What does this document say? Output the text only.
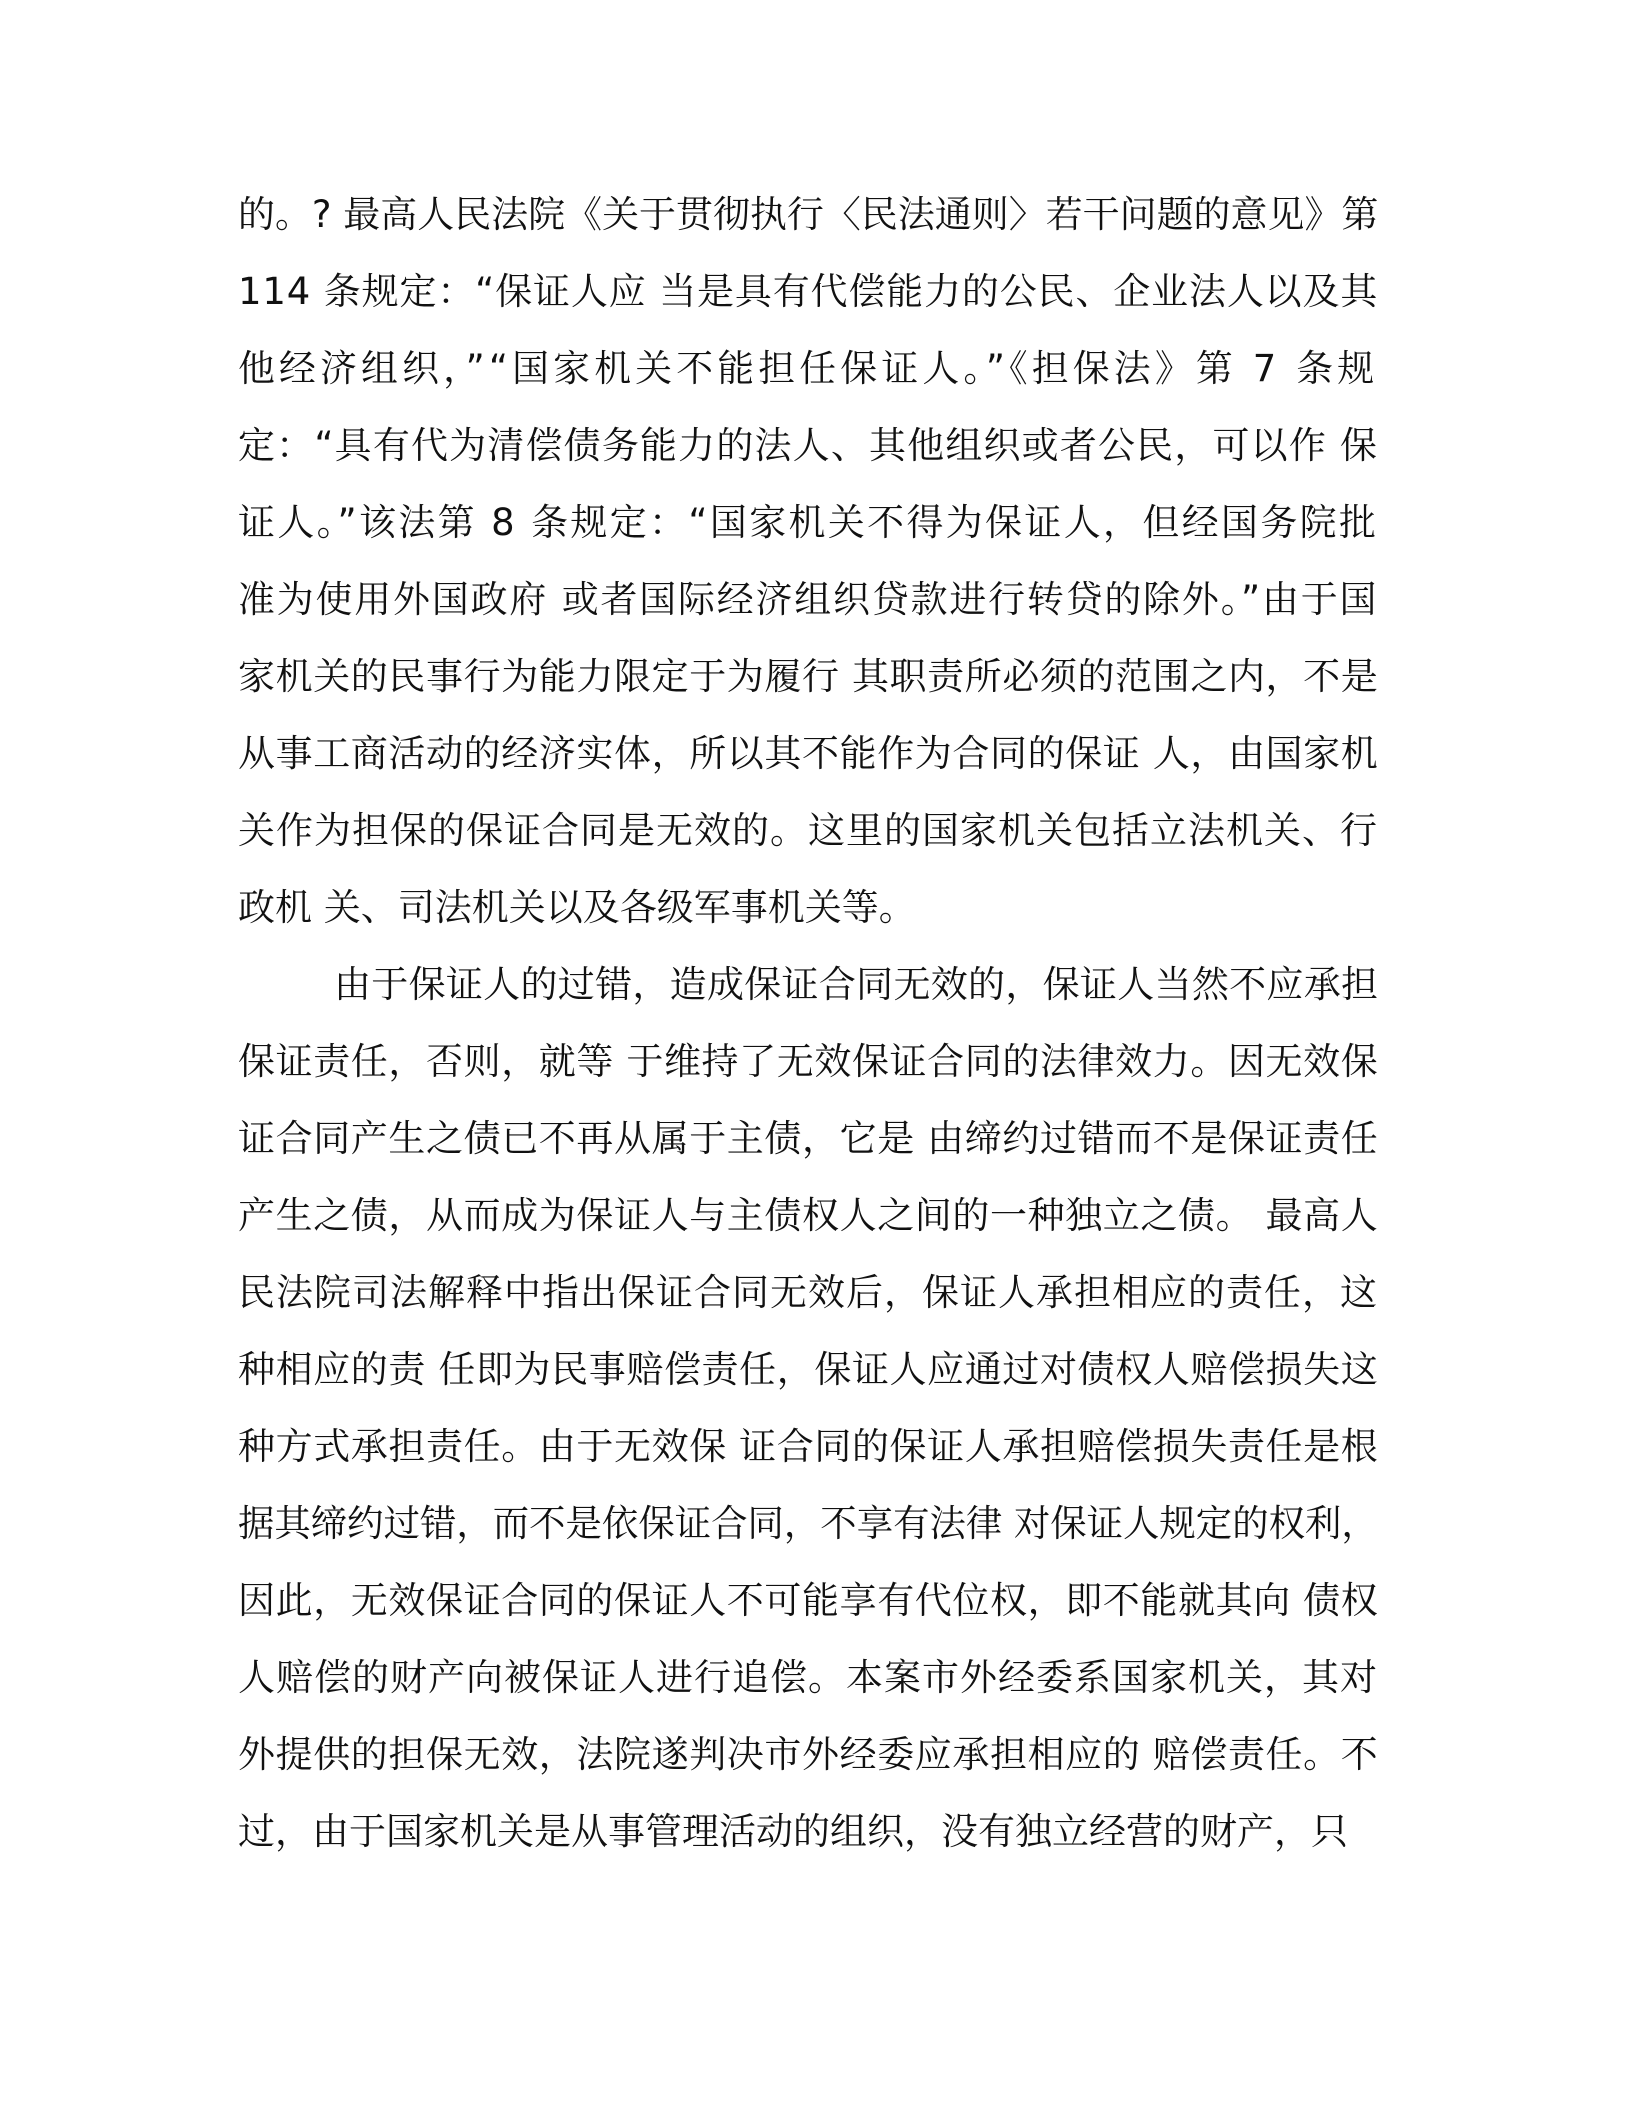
的。? 最高人民法院《关于贯彻执行〈民法通则〉若干问题的意见》第
114 条规定：“保证人应 当是具有代偿能力的公民、企业法人以及其
他经济组织，”“国家机关不能担任保证人。”《担保法》第 7 条规
定：“具有代为清偿债务能力的法人、其他组织或者公民，可以作 保
证人。”该法第 8 条规定：“国家机关不得为保证人，但经国务院批
准为使用外国政府 或者国际经济组织贷款进行转贷的除外。”由于国
家机关的民事行为能力限定于为履行 其职责所必须的范围之内，不是
从事工商活动的经济实体，所以其不能作为合同的保证 人，由国家机
关作为担保的保证合同是无效的。这里的国家机关包括立法机关、行
政机 关、司法机关以及各级军事机关等。
由于保证人的过错，造成保证合同无效的，保证人当然不应承担
保证责任，否则，就等 于维持了无效保证合同的法律效力。因无效保
证合同产生之债已不再从属于主债，它是 由缔约过错而不是保证责任
产生之债，从而成为保证人与主债权人之间的一种独立之债。 最高人
民法院司法解释中指出保证合同无效后，保证人承担相应的责任，这
种相应的责 任即为民事赔偿责任，保证人应通过对债权人赔偿损失这
种方式承担责任。由于无效保 证合同的保证人承担赔偿损失责任是根
据其缔约过错，而不是依保证合同，不享有法律 对保证人规定的权利，
因此，无效保证合同的保证人不可能享有代位权，即不能就其向 债权
人赔偿的财产向被保证人进行追偿。本案市外经委系国家机关，其对
外提供的担保无效，法院遂判决市外经委应承担相应的 赔偿责任。不
过，由于国家机关是从事管理活动的组织，没有独立经营的财产，只
